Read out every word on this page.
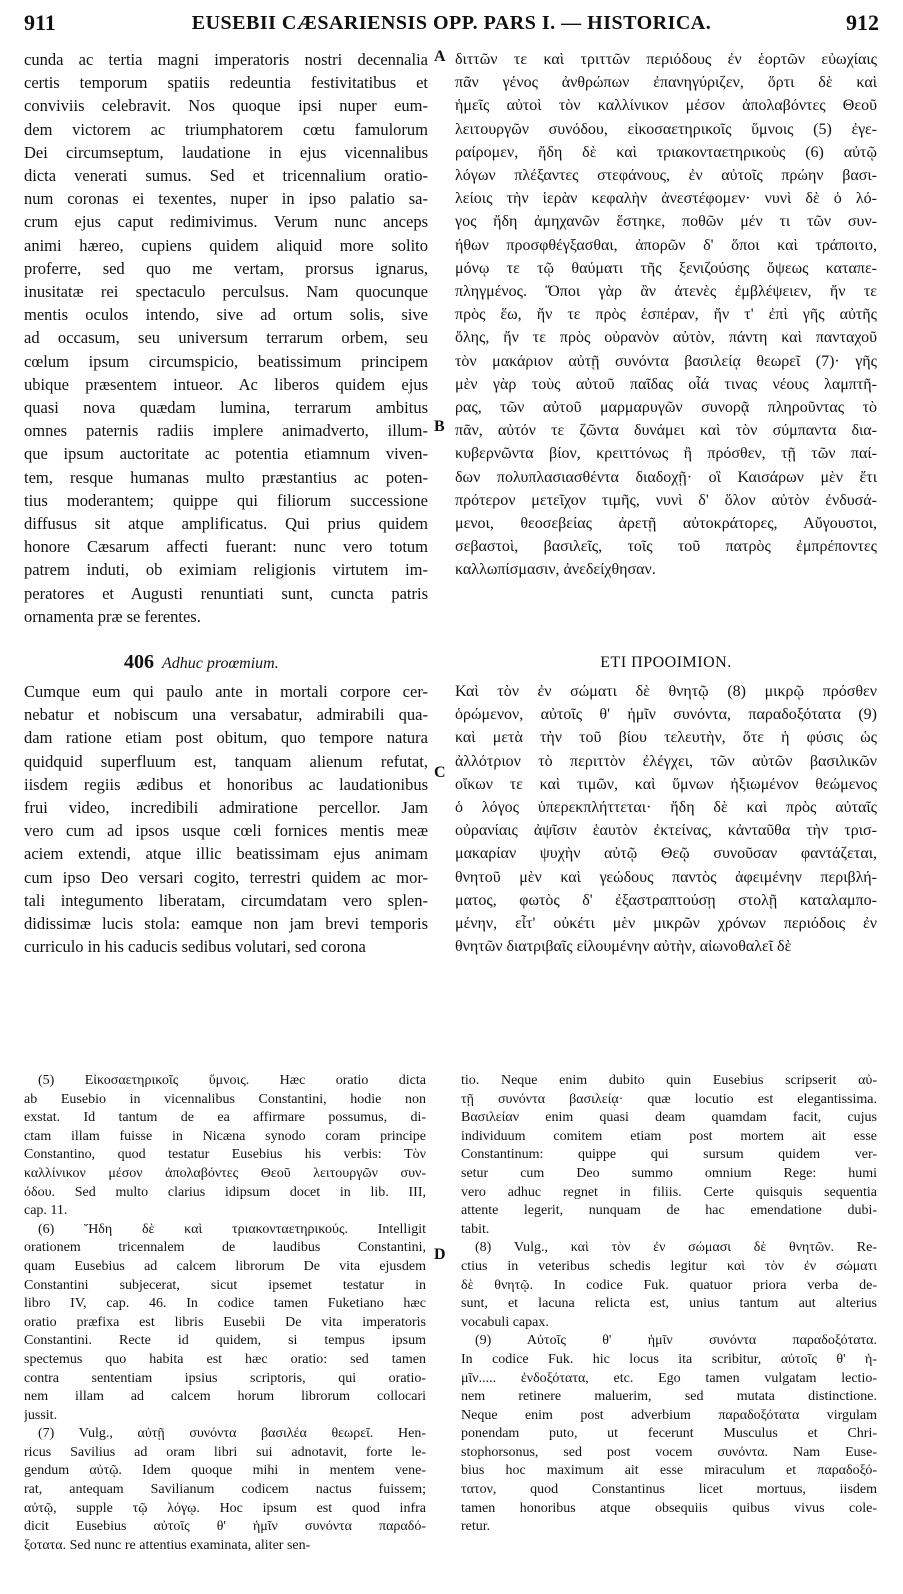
911	EUSEBII CÆSARIENSIS OPP. PARS I. — HISTORICA.	912
cunda ac tertia magni imperatoris nostri decennalia
certis temporum spatiis redeuntia festivitatibus et
conviviis celebravit. Nos quoque ipsi nuper eum-
dem victorem ac triumphatorem cœtu famulorum
Dei circumseptum, laudatione in ejus vicennalibus
dicta venerati sumus. Sed et tricennalium oratio-
num coronas ei texentes, nuper in ipso palatio sa-
crum ejus caput redimivimus. Verum nunc anceps
animi hæreo, cupiens quidem aliquid more solito
proferre, sed quo me vertam, prorsus ignarus,
inusitatæ rei spectaculo perculsus. Nam quocunque
mentis oculos intendo, sive ad ortum solis, sive
ad occasum, seu universum terrarum orbem, seu
cœlum ipsum circumspicio, beatissimum principem
ubique præsentem intueor. Ac liberos quidem ejus
quasi nova quædam lumina, terrarum ambitus
omnes paternis radiis implere animadverto, illum-
que ipsum auctoritate ac potentia etiamnum viven-
tem, resque humanas multo præstantius ac poten-
tius moderantem; quippe qui filiorum successione
diffusus sit atque amplificatus. Qui prius quidem
honore Cæsarum affecti fuerant: nunc vero totum
patrem induti, ob eximiam religionis virtutem im-
peratores et Augusti renuntiati sunt, cuncta patris
ornamenta præ se ferentes.
διττῶν τε καὶ τριττῶν περιόδους ἐν ἑορτῶν εὐωχίαις
πᾶν γένος ἀνθρώπων ἐπανηγύριζεν, ὅρτι δὲ καὶ
ἡμεῖς αὐτοὶ τὸν καλλίνικον μέσον ἀπολαβόντες Θεοῦ
λειτουργῶν συνόδου, εἰκοσαετηρικοῖς ὕμνοις (5) ἐγε-
ραίρομεν, ἤδη δὲ καὶ τριακονταετηρικοὺς (6) αὐτῷ
λόγων πλέξαντες στεφάνους, ἐν αὐτοῖς πρώην βασι-
λείοις τὴν ἱερὰν κεφαλὴν ἀνεστέφομεν· νυνὶ δὲ ὁ λό-
γος ἤδη ἀμηχανῶν ἕστηκε, ποθῶν μέν τι τῶν συν-
ήθων προσφθέγξασθαι, ἀπορῶν δ' ὅποι καὶ τράποιτο,
μόνῳ τε τῷ θαύματι τῆς ξενιζούσης ὄψεως καταπε-
πληγμένος. Ὅποι γὰρ ἂν ἀτενὲς ἐμβλέψειεν, ἤν τε
πρὸς ἕω, ἤν τε πρὸς ἑσπέραν, ἤν τ' ἐπὶ γῆς αὐτῆς
ὅλης, ἤν τε πρὸς οὐρανὸν αὐτὸν, πάντη καὶ πανταχοῦ
τὸν μακάριον αὐτῇ συνόντα βασιλείᾳ θεωρεῖ (7)· γῆς
μὲν γὰρ τοὺς αὐτοῦ παῖδας οἷά τινας νέους λαμπτῆ-
ρας, τῶν αὐτοῦ μαρμαρυγῶν συνορᾷ πληροῦντας τὸ
πᾶν, αὐτόν τε ζῶντα δυνάμει καὶ τὸν σύμπαντα δια-
κυβερνῶντα βίον, κρειττόνως ἢ πρόσθεν, τῇ τῶν παί-
δων πολυπλασιασθέντα διαδοχῇ· οἳ Καισάρων μὲν ἔτι
πρότερον μετεῖχον τιμῆς, νυνὶ δ' ὅλον αὐτὸν ἐνδυσά-
μενοι, θεοσεβείας ἀρετῇ αὐτοκράτορες, Αὔγουστοι,
σεβαστοὶ, βασιλεῖς, τοῖς τοῦ πατρὸς ἐμπρέποντες
καλλωπίσμασιν, ἀνεδείχθησαν.
A
B
C
D
406 Adhuc proœmium.	ΕΤΙ ΠΡΟΟΙΜΙΟΝ.
Cumque eum qui paulo ante in mortali corpore cer-
nebatur et nobiscum una versabatur, admirabili qua-
dam ratione etiam post obitum, quo tempore natura
quidquid superfluum est, tanquam alienum refutat,
iisdem regiis ædibus et honoribus ac laudationibus
frui video, incredibili admiratione percellor. Jam
vero cum ad ipsos usque cœli fornices mentis meæ
aciem extendi, atque illic beatissimam ejus animam
cum ipso Deo versari cogito, terrestri quidem ac mor-
tali integumento liberatam, circumdatam vero splen-
didissimæ lucis stola: eamque non jam brevi temporis
curriculo in his caducis sedibus volutari, sed corona
Καὶ τὸν ἐν σώματι δὲ θνητῷ (8) μικρῷ πρόσθεν
ὁρώμενον, αὐτοῖς θ' ἡμῖν συνόντα, παραδοξότατα (9)
καὶ μετὰ τὴν τοῦ βίου τελευτὴν, ὅτε ἡ φύσις ὡς
ἀλλότριον τὸ περιττὸν ἐλέγχει, τῶν αὐτῶν βασιλικῶν
οἴκων τε καὶ τιμῶν, καὶ ὕμνων ἠξιωμένον θεώμενος
ὁ λόγος ὑπερεκπλήττεται· ἤδη δὲ καὶ πρὸς αὐταῖς
οὐρανίαις ἀψῖσιν ἑαυτὸν ἐκτείνας, κἀνταῦθα τὴν τρισ-
μακαρίαν ψυχὴν αὐτῷ Θεῷ συνοῦσαν φαντάζεται,
θνητοῦ μὲν καὶ γεώδους παντὸς ἀφειμένην περιβλή-
ματος, φωτὸς δ' ἐξαστραπτούσῃ στολῇ καταλαμπο-
μένην, εἶτ' οὐκέτι μὲν μικρῶν χρόνων περιόδοις ἐν
θνητῶν διατριβαῖς εἰλουμένην αὐτὴν, αἰωνοθαλεῖ δὲ
(5) Εἰκοσαετηρικοῖς ὕμνοις. Hæc oratio dicta
ab Eusebio in vicennalibus Constantini, hodie non
exstat. Id tantum de ea affirmare possumus, di-
ctam illam fuisse in Nicæna synodo coram principe
Constantino, quod testatur Eusebius his verbis: Τὸν
καλλίνικον μέσον ἀπολαβόντες Θεοῦ λειτουργῶν συν-
όδου. Sed multo clarius idipsum docet in lib. III,
cap. 11.
(6) Ἤδη δὲ καὶ τριακονταετηρικούς. Intelligit
orationem tricennalem de laudibus Constantini,
quam Eusebius ad calcem librorum De vita ejusdem
Constantini subjecerat, sicut ipsemet testatur in
libro IV, cap. 46. In codice tamen Fuketiano hæc
oratio præfixa est libris Eusebii De vita imperatoris
Constantini. Recte id quidem, si tempus ipsum
spectemus quo habita est hæc oratio: sed tamen
contra sententiam ipsius scriptoris, qui oratio-
nem illam ad calcem horum librorum collocari
jussit.
(7) Vulg., αὐτῇ συνόντα βασιλέα θεωρεῖ. Hen-
ricus Savilius ad oram libri sui adnotavit, forte le-
gendum αὐτῷ. Idem quoque mihi in mentem vene-
rat, antequam Savilianum codicem nactus fuissem;
αὐτῷ, supple τῷ λόγῳ. Hoc ipsum est quod infra
dicit Eusebius αὐτοῖς θ' ἡμῖν συνόντα παραδό-
ξοτατα. Sed nunc re attentius examinata, aliter sen-
tio. Neque enim dubito quin Eusebius scripserit αὐ-
τῇ συνόντα βασιλείᾳ· quæ locutio est elegantissima.
Βασιλείαν enim quasi deam quamdam facit, cujus
individuum comitem etiam post mortem ait esse
Constantinum: quippe qui sursum quidem ver-
setur cum Deo summo omnium Rege: humi
vero adhuc regnet in filiis. Certe quisquis sequentia
attente legerit, nunquam de hac emendatione dubi-
tabit.
(8) Vulg., καὶ τὸν ἐν σώμασι δὲ θνητῶν. Re-
ctius in veteribus schedis legitur καὶ τὸν ἐν σώματι
δὲ θνητῷ. In codice Fuk. quatuor priora verba de-
sunt, et lacuna relicta est, unius tantum aut alterius
vocabuli capax.
(9) Αὐτοῖς θ' ἡμῖν συνόντα παραδοξότατα.
In codice Fuk. hic locus ita scribitur, αὐτοῖς θ' ἡ-
μῖν..... ἐνδοξότατα, etc. Ego tamen vulgatam lectio-
nem retinere maluerim, sed mutata distinctione.
Neque enim post adverbium παραδοξότατα virgulam
ponendam puto, ut fecerunt Musculus et Chri-
stophorsonus, sed post vocem συνόντα. Nam Euse-
bius hoc maximum ait esse miraculum et παραδοξό-
τατον, quod Constantinus licet mortuus, iisdem
tamen honoribus atque obsequiis quibus vivus cole-
retur.
